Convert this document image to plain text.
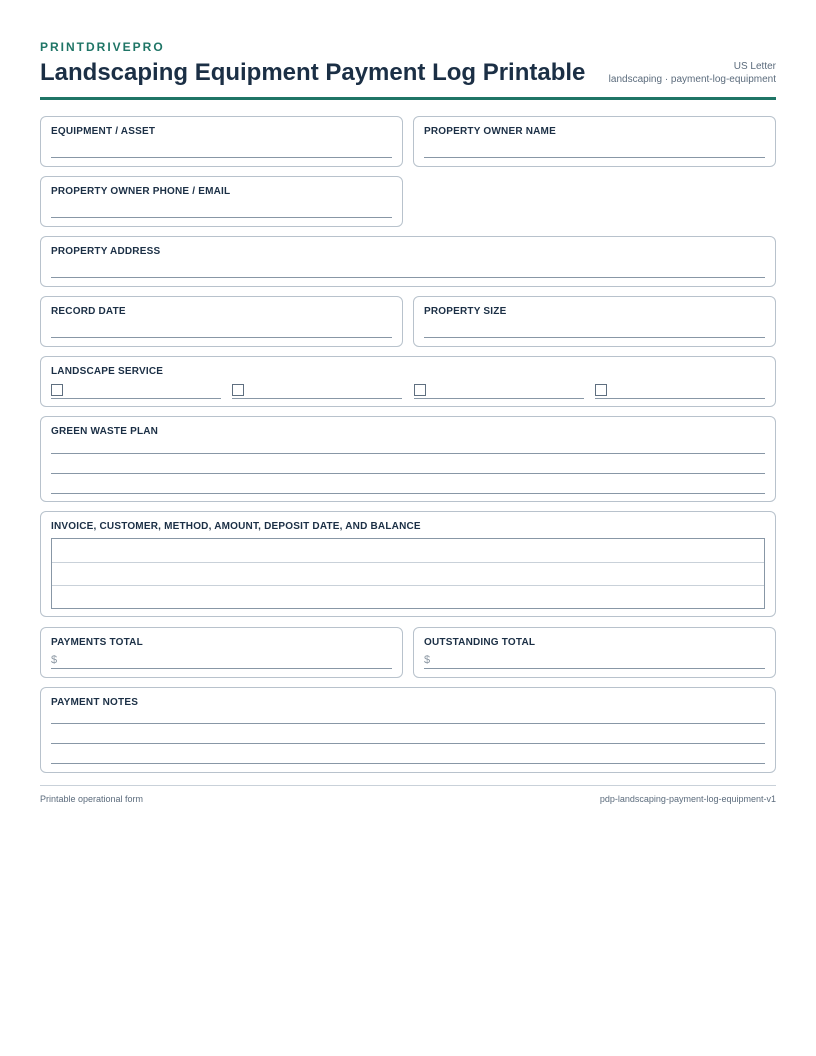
PRINTDRIVEPRO
Landscaping Equipment Payment Log Printable	US Letter
landscaping · payment-log-equipment
EQUIPMENT / ASSET	PROPERTY OWNER NAME
PROPERTY OWNER PHONE / EMAIL
PROPERTY ADDRESS
RECORD DATE	PROPERTY SIZE
LANDSCAPE SERVICE
GREEN WASTE PLAN
INVOICE, CUSTOMER, METHOD, AMOUNT, DEPOSIT DATE, AND BALANCE
PAYMENTS TOTAL
$
OUTSTANDING TOTAL
$
PAYMENT NOTES
Printable operational form	pdp-landscaping-payment-log-equipment-v1
